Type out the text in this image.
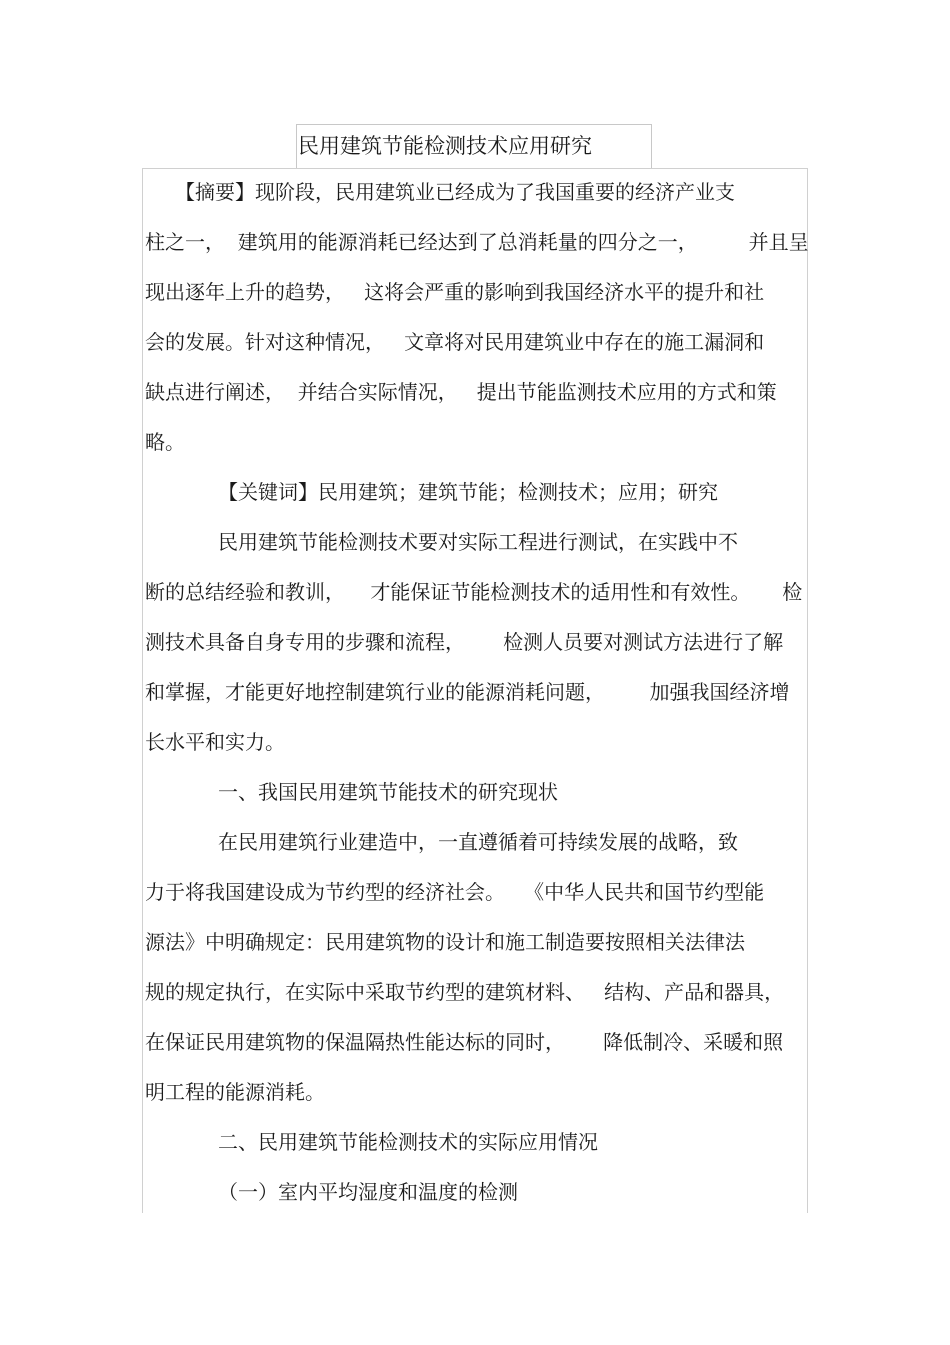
民用建筑节能检测技术应用研究
【摘要】现阶段，民用建筑业已经成为了我国重要的经济产业支
柱之一，  建筑用的能源消耗已经达到了总消耗量的四分之一，        并且呈
现出逐年上升的趋势，   这将会严重的影响到我国经济水平的提升和社
会的发展。针对这种情况，   文章将对民用建筑业中存在的施工漏洞和
缺点进行阐述，  并结合实际情况，   提出节能监测技术应用的方式和策
略。
【关键词】民用建筑；建筑节能；检测技术；应用；研究
民用建筑节能检测技术要对实际工程进行测试，在实践中不
断的总结经验和教训，    才能保证节能检测技术的适用性和有效性。     检
测技术具备自身专用的步骤和流程，      检测人员要对测试方法进行了解
和掌握，才能更好地控制建筑行业的能源消耗问题，       加强我国经济增
长水平和实力。
一、我国民用建筑节能技术的研究现状
在民用建筑行业建造中，一直遵循着可持续发展的战略，致
力于将我国建设成为节约型的经济社会。   《中华人民共和国节约型能
源法》中明确规定：民用建筑物的设计和施工制造要按照相关法律法
规的规定执行，在实际中采取节约型的建筑材料、   结构、产品和器具，
在保证民用建筑物的保温隔热性能达标的同时，      降低制冷、采暖和照
明工程的能源消耗。
二、民用建筑节能检测技术的实际应用情况
（一）室内平均湿度和温度的检测
